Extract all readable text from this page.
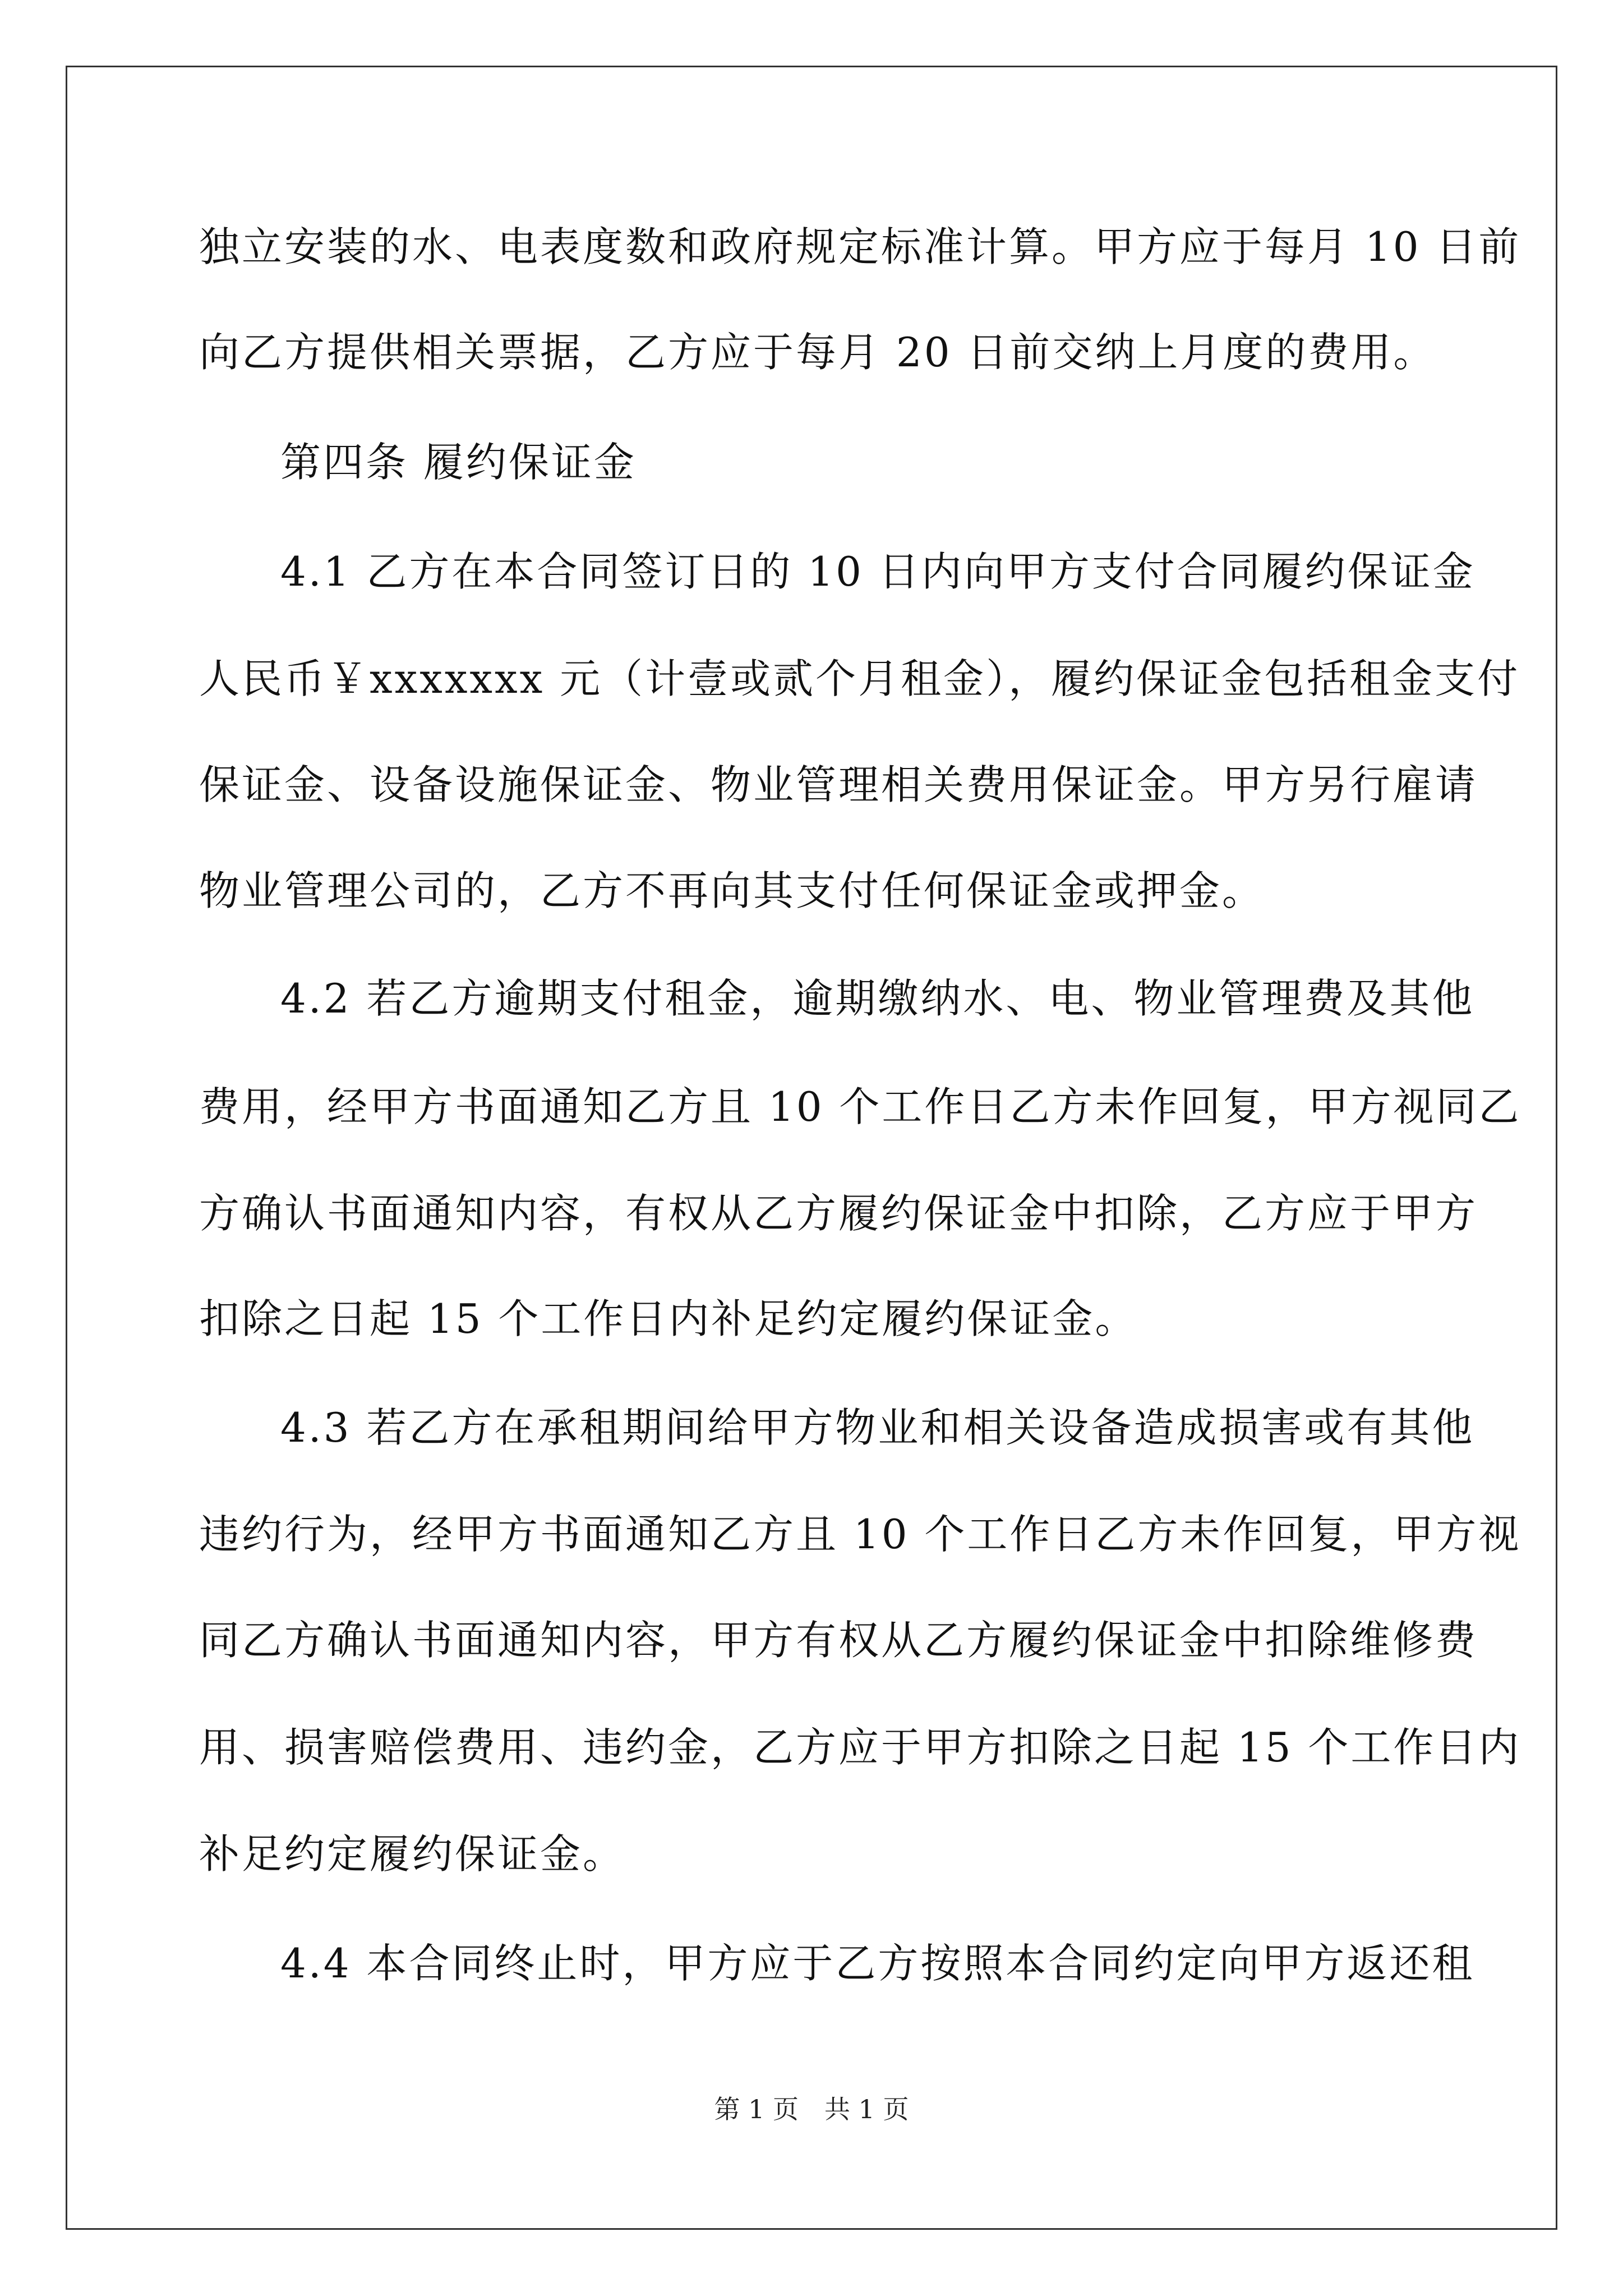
独立安装的水、电表度数和政府规定标准计算。甲方应于每月 10 日前
向乙方提供相关票据，乙方应于每月 20 日前交纳上月度的费用。
第四条 履约保证金
4.1 乙方在本合同签订日的 10 日内向甲方支付合同履约保证金
人民币￥xxxxxxx 元（计壹或贰个月租金），履约保证金包括租金支付
保证金、设备设施保证金、物业管理相关费用保证金。甲方另行雇请
物业管理公司的，乙方不再向其支付任何保证金或押金。
4.2 若乙方逾期支付租金，逾期缴纳水、电、物业管理费及其他
费用，经甲方书面通知乙方且 10 个工作日乙方未作回复，甲方视同乙
方确认书面通知内容，有权从乙方履约保证金中扣除，乙方应于甲方
扣除之日起 15 个工作日内补足约定履约保证金。
4.3 若乙方在承租期间给甲方物业和相关设备造成损害或有其他
违约行为，经甲方书面通知乙方且 10 个工作日乙方未作回复，甲方视
同乙方确认书面通知内容，甲方有权从乙方履约保证金中扣除维修费
用、损害赔偿费用、违约金，乙方应于甲方扣除之日起 15 个工作日内
补足约定履约保证金。
4.4 本合同终止时，甲方应于乙方按照本合同约定向甲方返还租
第 1 页　共 1 页
